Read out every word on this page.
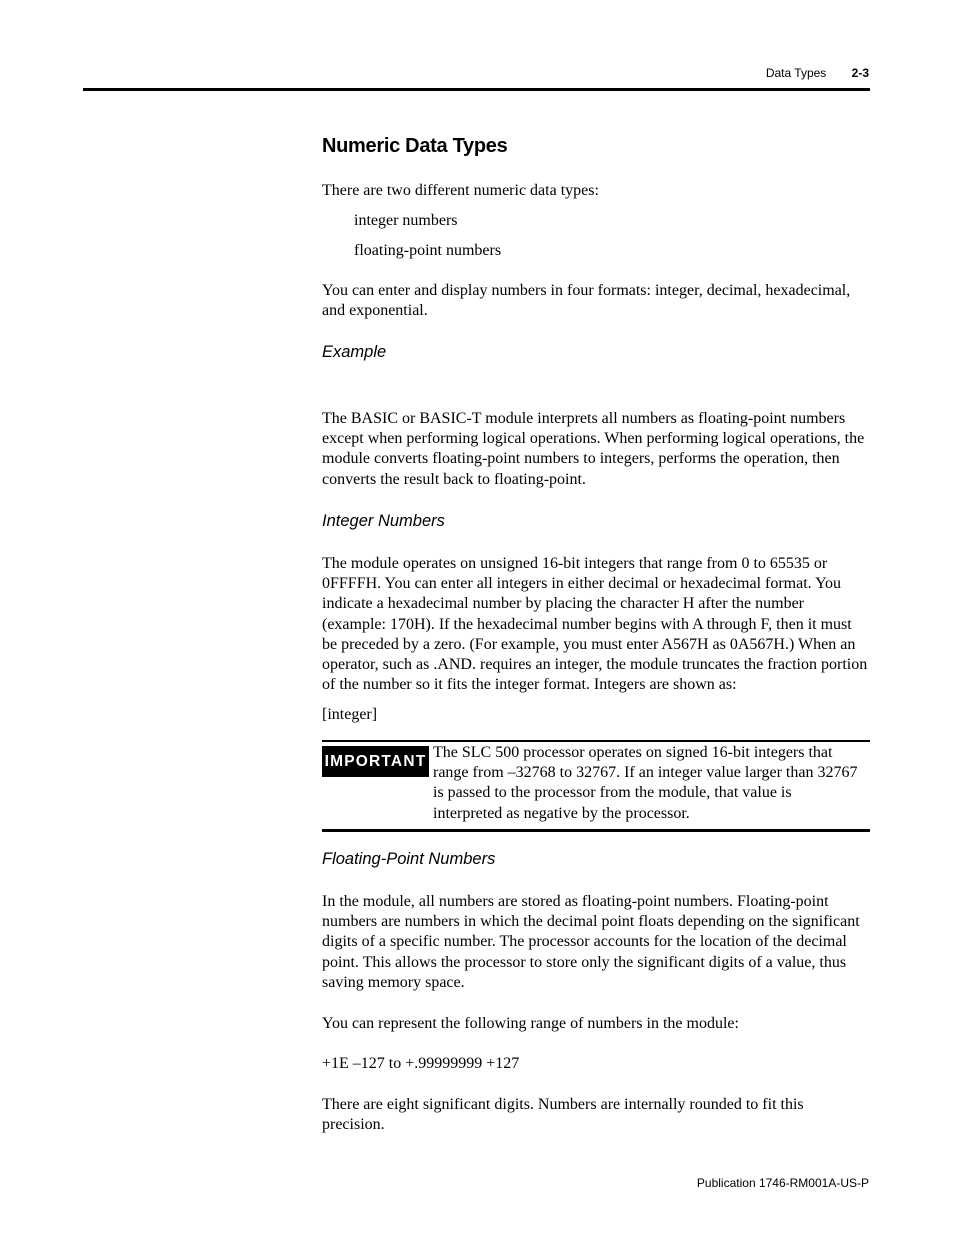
Data Types 2-3
Numeric Data Types
There are two different numeric data types:
integer numbers
floating-point numbers
You can enter and display numbers in four formats: integer, decimal, hexadecimal, and exponential.
Example
The BASIC or BASIC-T module interprets all numbers as floating-point numbers except when performing logical operations. When performing logical operations, the module converts floating-point numbers to integers, performs the operation, then converts the result back to floating-point.
Integer Numbers
The module operates on unsigned 16-bit integers that range from 0 to 65535 or 0FFFFH. You can enter all integers in either decimal or hexadecimal format. You indicate a hexadecimal number by placing the character H after the number (example: 170H). If the hexadecimal number begins with A through F, then it must be preceded by a zero. (For example, you must enter A567H as 0A567H.) When an operator, such as .AND. requires an integer, the module truncates the fraction portion of the number so it fits the integer format. Integers are shown as:
[integer]
IMPORTANT The SLC 500 processor operates on signed 16-bit integers that range from –32768 to 32767. If an integer value larger than 32767 is passed to the processor from the module, that value is interpreted as negative by the processor.
Floating-Point Numbers
In the module, all numbers are stored as floating-point numbers. Floating-point numbers are numbers in which the decimal point floats depending on the significant digits of a specific number. The processor accounts for the location of the decimal point. This allows the processor to store only the significant digits of a value, thus saving memory space.
You can represent the following range of numbers in the module:
+1E –127 to +.99999999 +127
There are eight significant digits. Numbers are internally rounded to fit this precision.
Publication 1746-RM001A-US-P
